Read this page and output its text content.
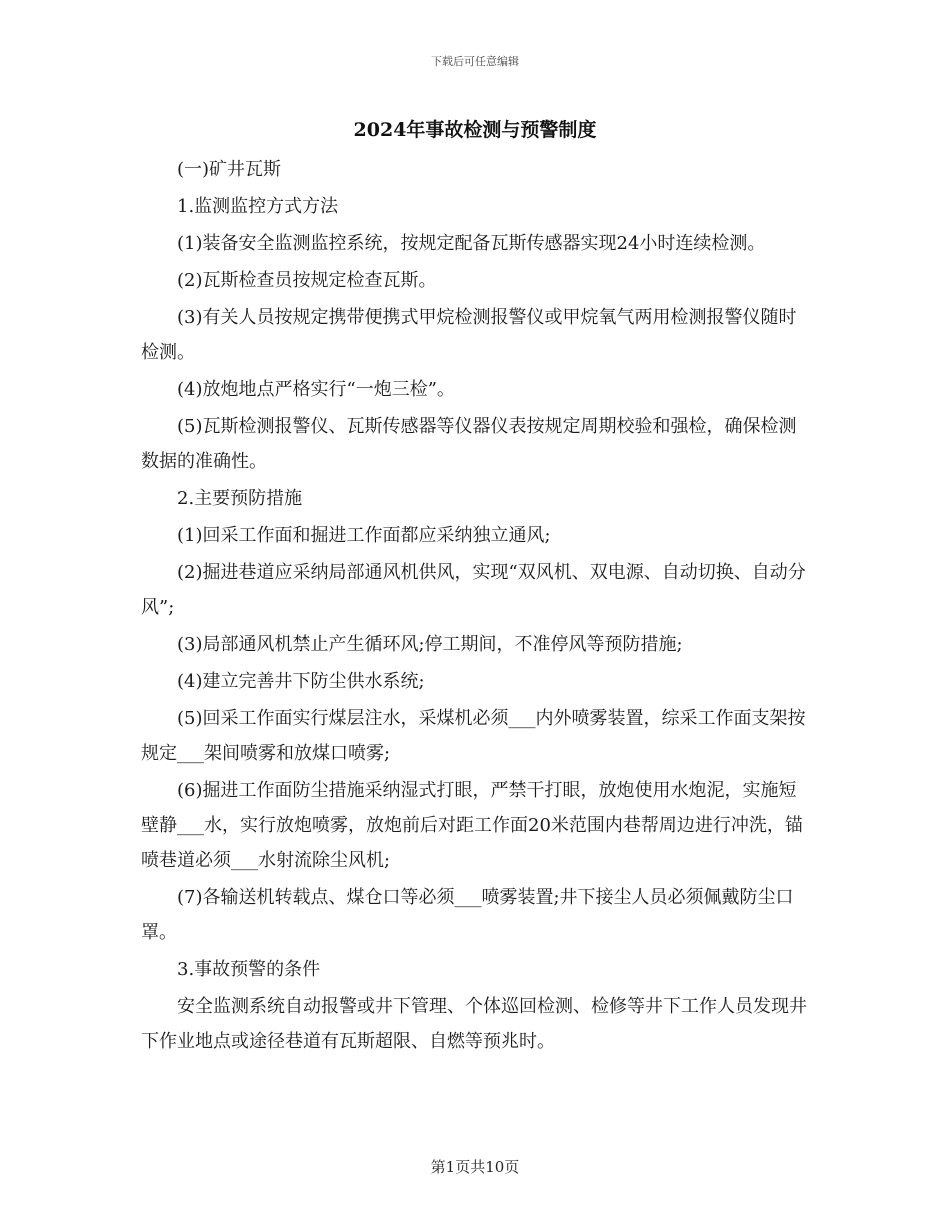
下载后可任意编辑
2024年事故检测与预警制度

(一)矿井瓦斯

1.监测监控方式方法

(1)装备安全监测监控系统，按规定配备瓦斯传感器实现24小时连续检测。

(2)瓦斯检查员按规定检查瓦斯。

(3)有关人员按规定携带便携式甲烷检测报警仪或甲烷氧气两用检测报警仪随时检测。

(4)放炮地点严格实行“一炮三检”。

(5)瓦斯检测报警仪、瓦斯传感器等仪器仪表按规定周期校验和强检，确保检测数据的准确性。

2.主要预防措施

(1)回采工作面和掘进工作面都应采纳独立通风;

(2)掘进巷道应采纳局部通风机供风，实现“双风机、双电源、自动切换、自动分风”;

(3)局部通风机禁止产生循环风;停工期间，不准停风等预防措施;

(4)建立完善井下防尘供水系统;

(5)回采工作面实行煤层注水，采煤机必须___内外喷雾装置，综采工作面支架按规定___架间喷雾和放煤口喷雾;

(6)掘进工作面防尘措施采纳湿式打眼，严禁干打眼，放炮使用水炮泥，实施短壁静___水，实行放炮喷雾，放炮前后对距工作面20米范围内巷帮周边进行冲洗，锚喷巷道必须___水射流除尘风机;

(7)各输送机转载点、煤仓口等必须___喷雾装置;井下接尘人员必须佩戴防尘口罩。

3.事故预警的条件

安全监测系统自动报警或井下管理、个体巡回检测、检修等井下工作人员发现井下作业地点或途径巷道有瓦斯超限、自燃等预兆时。

第1页共10页
